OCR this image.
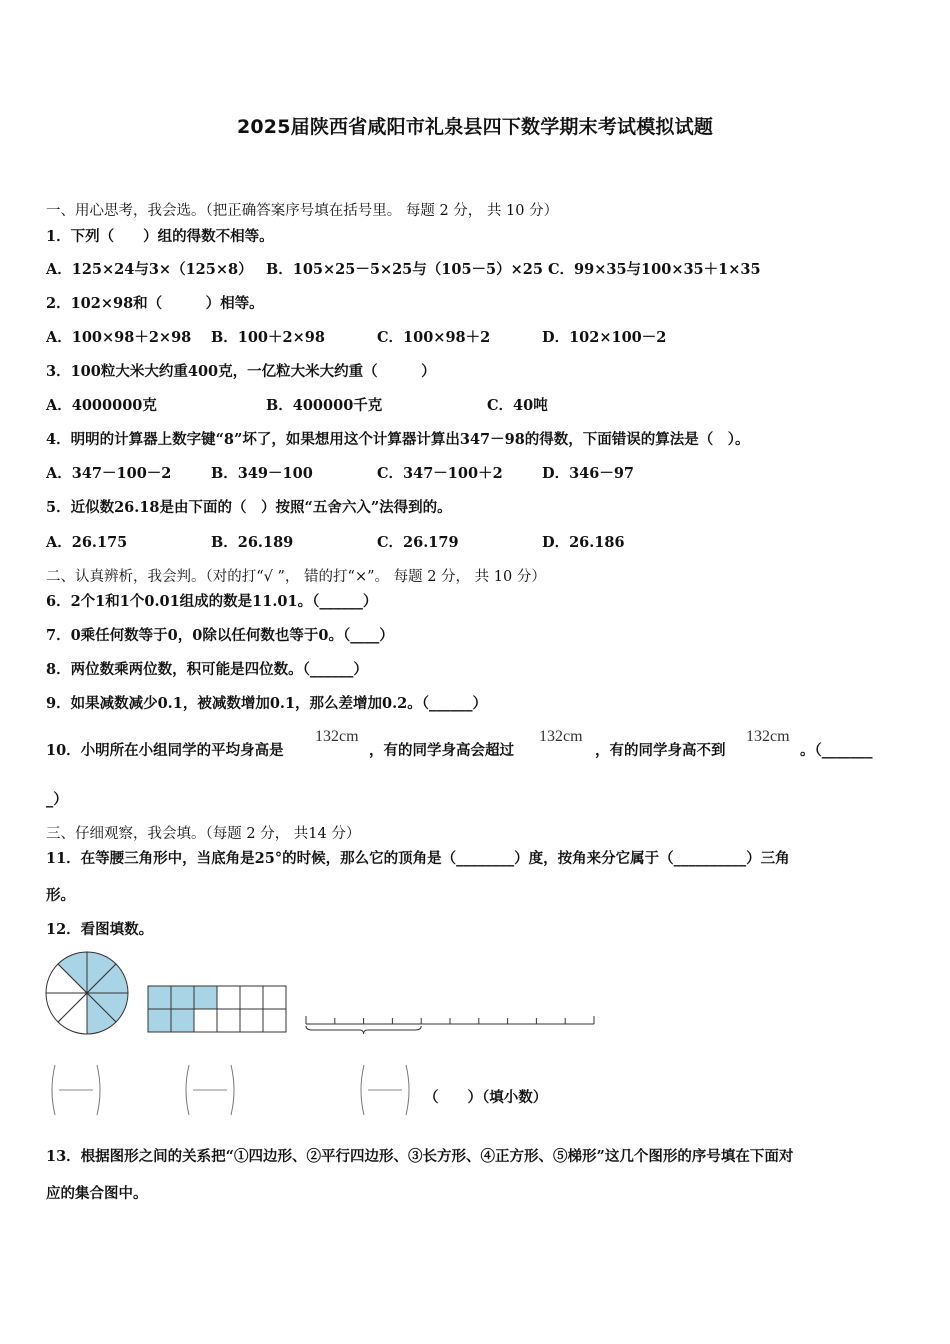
2025届陕西省咸阳市礼泉县四下数学期末考试模拟试题
一、用心思考，我会选。（把正确答案序号填在括号里。 每题 2 分， 共 10 分）
1．下列（　　）组的得数不相等。
A．125×24与3×（125×8） B．105×25－5×25与（105－5）×25 C．99×35与100×35＋1×35
2．102×98和（　　　）相等。
A．100×98＋2×98 B．100＋2×98	C．100×98＋2	D．102×100－2
3．100粒大米大约重400克，一亿粒大米大约重（　　　）
A．4000000克	B．400000千克	C．40吨
4．明明的计算器上数字键“8”坏了，如果想用这个计算器计算出347－98的得数，下面错误的算法是（　）。
A．347－100－2	B．349－100	C．347－100＋2	D．346－97
5．近似数26.18是由下面的（　）按照“五舍六入”法得到的。
A．26.175	B．26.189	C．26.179	D．26.186
二、认真辨析，我会判。（对的打“√ ”， 错的打“×”。 每题 2 分， 共 10 分）
6．2个1和1个0.01组成的数是11.01。（______）
7．0乘任何数等于0，0除以任何数也等于0。（____）
8．两位数乘两位数，积可能是四位数。（______）
9．如果减数减少0.1，被减数增加0.1，那么差增加0.2。（______）
10．小明所在小组同学的平均身高是
132cm
，有的同学身高会超过
132cm
，有的同学身高不到
132cm
。（_______
_）
三、仔细观察，我会填。（每题 2 分， 共14 分）
11．在等腰三角形中，当底角是25°的时候，那么它的顶角是（________）度，按角来分它属于（__________）三角
形。
12．看图填数。
（　　）（填小数）
13．根据图形之间的关系把“①四边形、②平行四边形、③长方形、④正方形、⑤梯形”这几个图形的序号填在下面对
应的集合图中。
